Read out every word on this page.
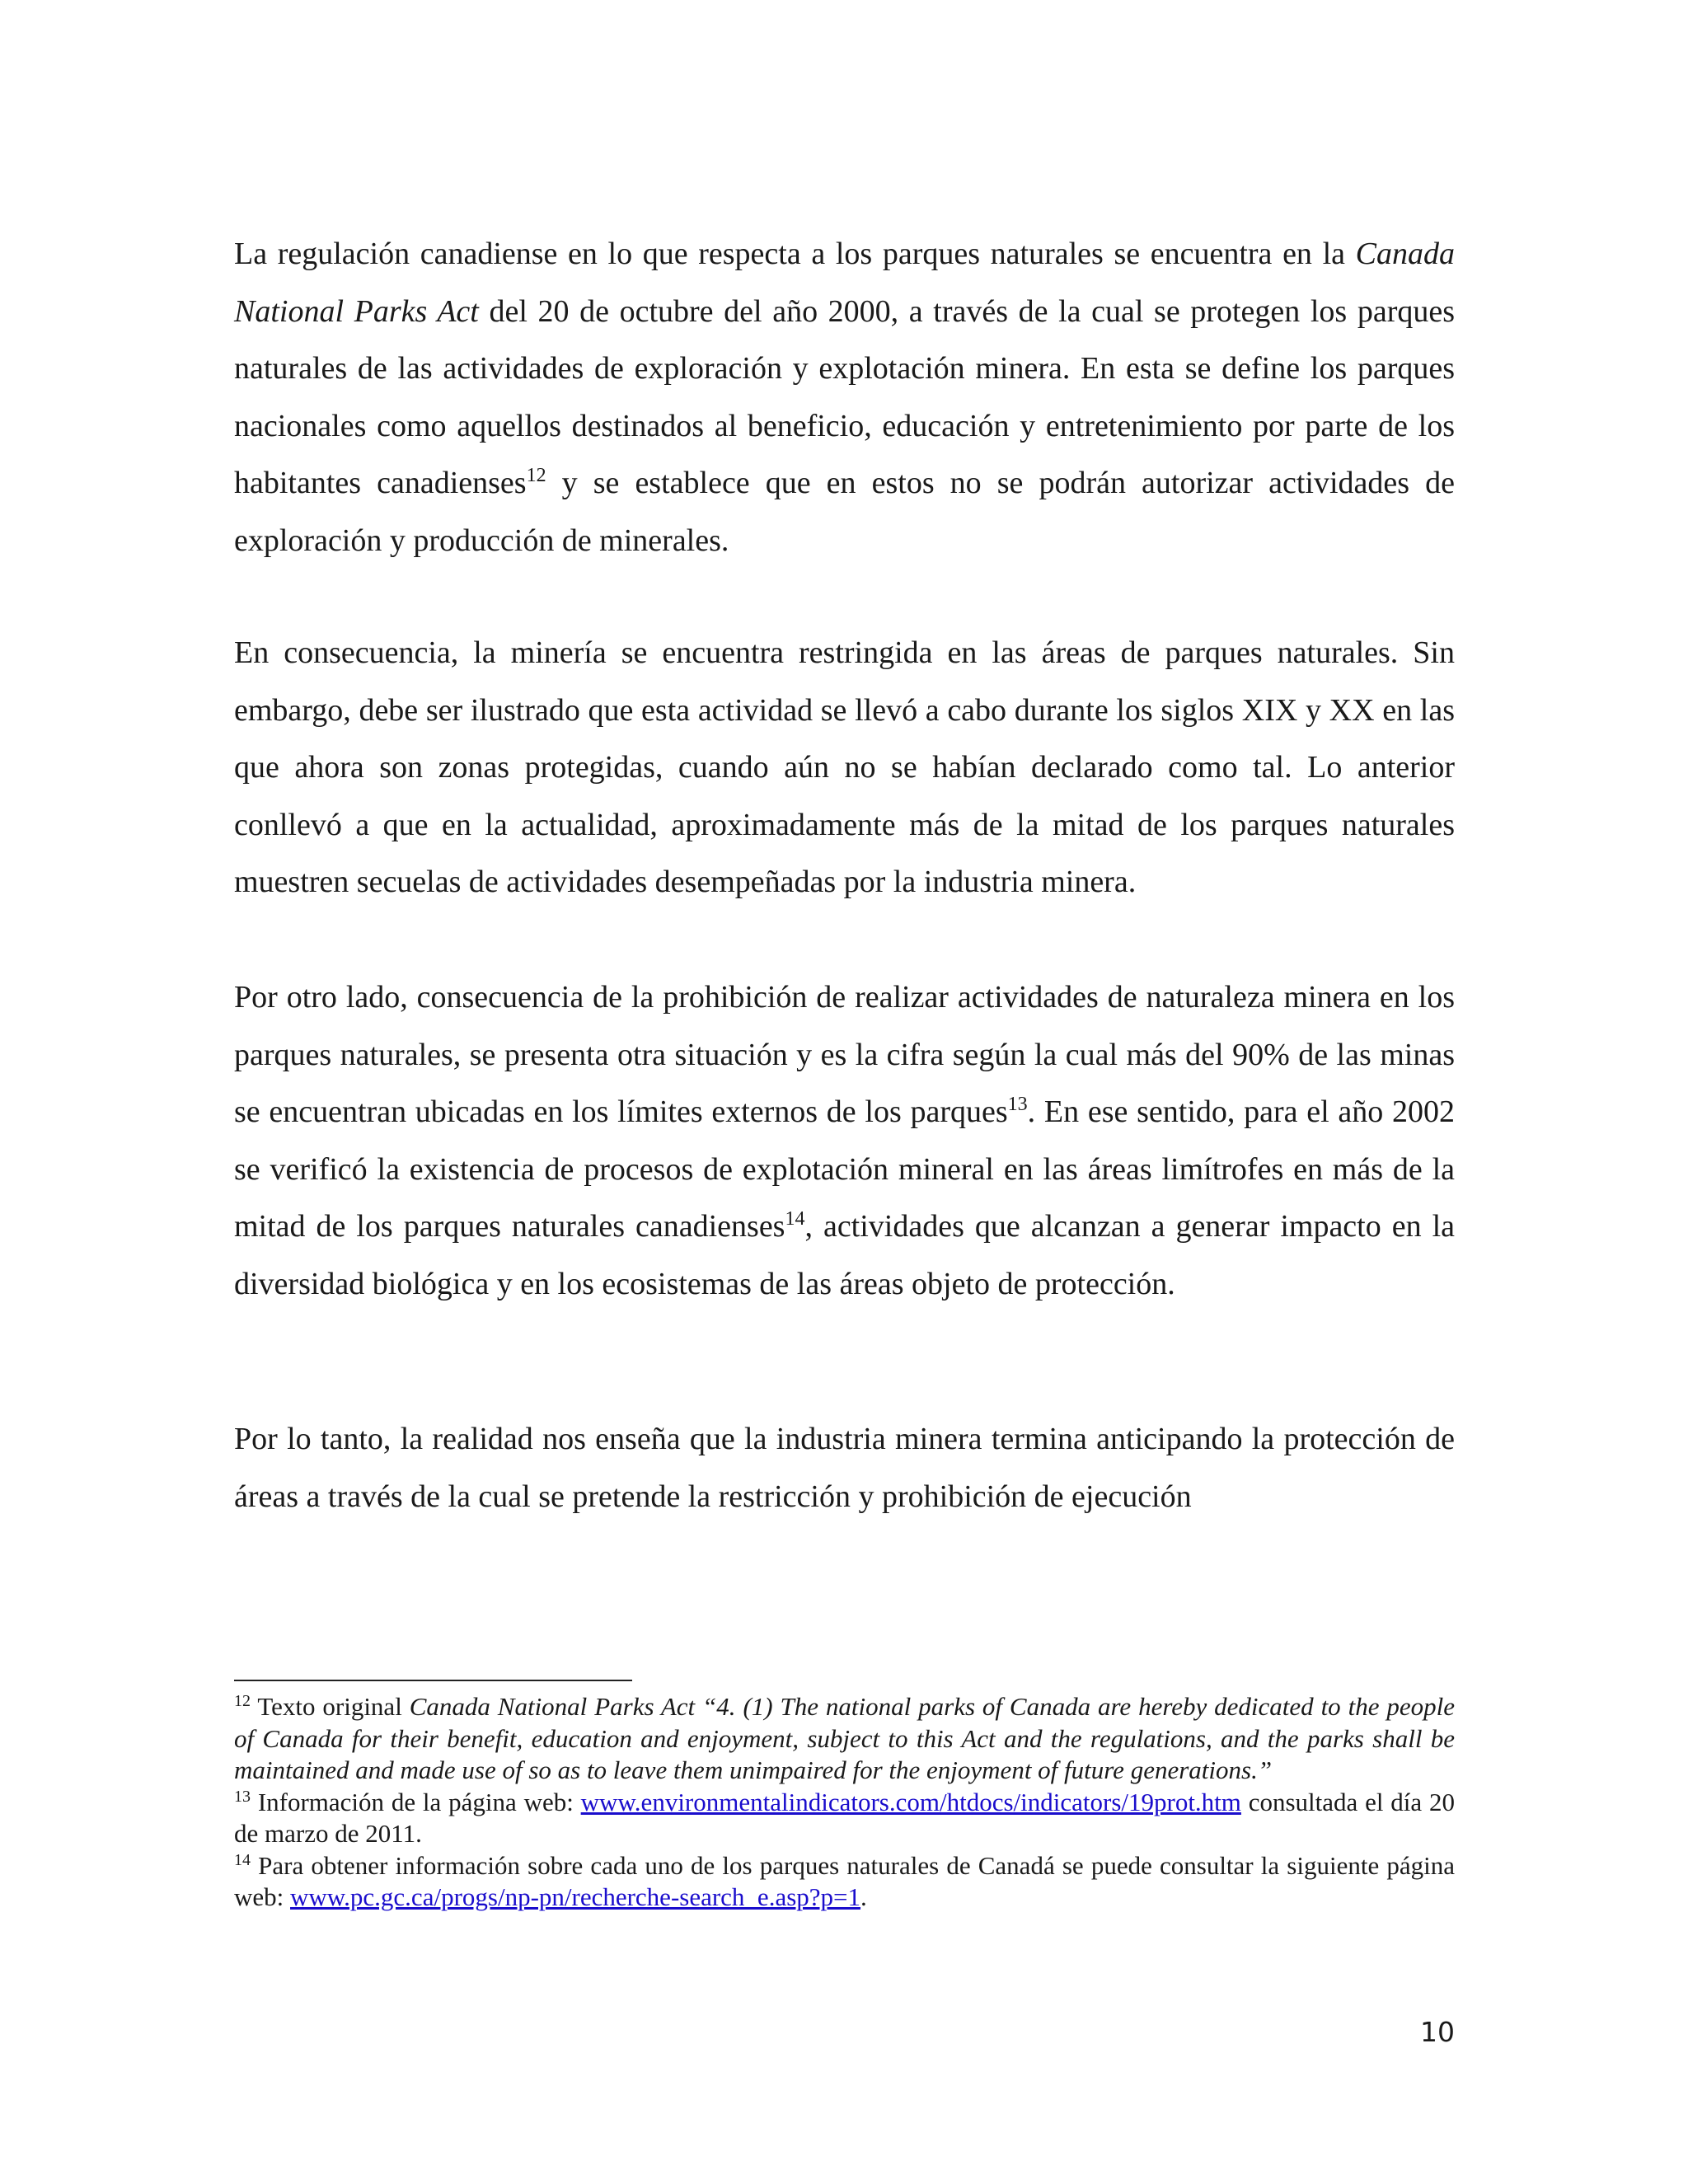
La regulación canadiense en lo que respecta a los parques naturales se encuentra en la Canada National Parks Act del 20 de octubre del año 2000, a través de la cual se protegen los parques naturales de las actividades de exploración y explotación minera. En esta se define los parques nacionales como aquellos destinados al beneficio, educación y entretenimiento por parte de los habitantes canadienses$^{12}$ y se establece que en estos no se podrán autorizar actividades de exploración y producción de minerales.

En consecuencia, la minería se encuentra restringida en las áreas de parques naturales. Sin embargo, debe ser ilustrado que esta actividad se llevó a cabo durante los siglos XIX y XX en las que ahora son zonas protegidas, cuando aún no se habían declarado como tal. Lo anterior conllevó a que en la actualidad, aproximadamente más de la mitad de los parques naturales muestren secuelas de actividades desempeñadas por la industria minera.

Por otro lado, consecuencia de la prohibición de realizar actividades de naturaleza minera en los parques naturales, se presenta otra situación y es la cifra según la cual más del 90% de las minas se encuentran ubicadas en los límites externos de los parques$^{13}$. En ese sentido, para el año 2002 se verificó la existencia de procesos de explotación mineral en las áreas limítrofes en más de la mitad de los parques naturales canadienses$^{14}$, actividades que alcanzan a generar impacto en la diversidad biológica y en los ecosistemas de las áreas objeto de protección.

Por lo tanto, la realidad nos enseña que la industria minera termina anticipando la protección de áreas a través de la cual se pretende la restricción y prohibición de ejecución

$^{12}$ Texto original Canada National Parks Act “4. (1) The national parks of Canada are hereby dedicated to the people of Canada for their benefit, education and enjoyment, subject to this Act and the regulations, and the parks shall be maintained and made use of so as to leave them unimpaired for the enjoyment of future generations.”

$^{13}$ Información de la página web: www.environmentalindicators.com/htdocs/indicators/19prot.htm consultada el día 20 de marzo de 2011.

$^{14}$ Para obtener información sobre cada uno de los parques naturales de Canadá se puede consultar la siguiente página web: www.pc.gc.ca/progs/np-pn/recherche-search_e.asp?p=1.

10
